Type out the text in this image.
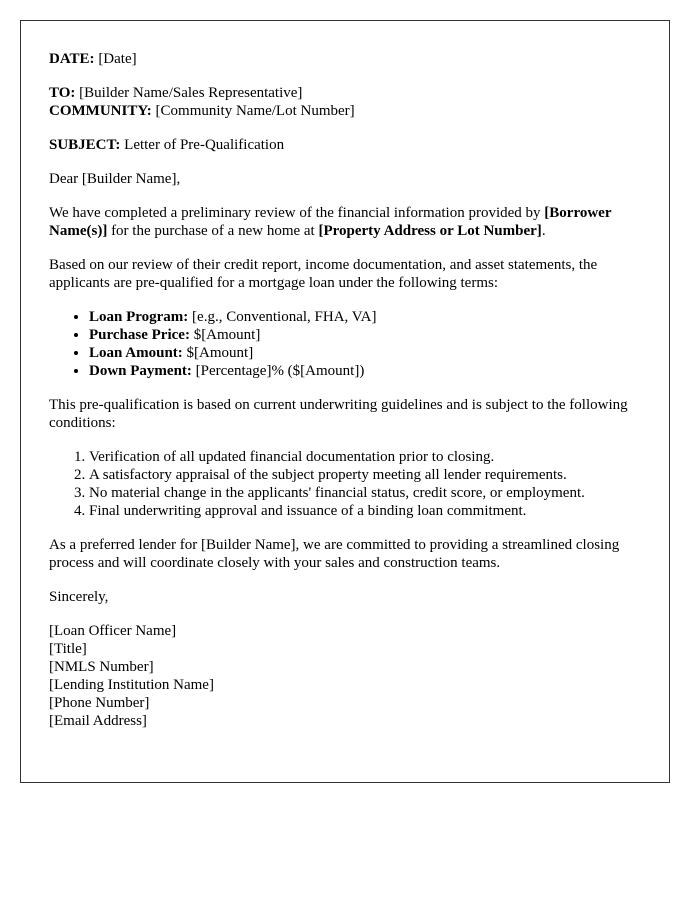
DATE: [Date]
TO: [Builder Name/Sales Representative]
COMMUNITY: [Community Name/Lot Number]
SUBJECT: Letter of Pre-Qualification
Dear [Builder Name],
We have completed a preliminary review of the financial information provided by [Borrower Name(s)] for the purchase of a new home at [Property Address or Lot Number].
Based on our review of their credit report, income documentation, and asset statements, the applicants are pre-qualified for a mortgage loan under the following terms:
• Loan Program: [e.g., Conventional, FHA, VA]
• Purchase Price: $[Amount]
• Loan Amount: $[Amount]
• Down Payment: [Percentage]% ($[Amount])
This pre-qualification is based on current underwriting guidelines and is subject to the following conditions:
1. Verification of all updated financial documentation prior to closing.
2. A satisfactory appraisal of the subject property meeting all lender requirements.
3. No material change in the applicants' financial status, credit score, or employment.
4. Final underwriting approval and issuance of a binding loan commitment.
As a preferred lender for [Builder Name], we are committed to providing a streamlined closing process and will coordinate closely with your sales and construction teams.
Sincerely,
[Loan Officer Name]
[Title]
[NMLS Number]
[Lending Institution Name]
[Phone Number]
[Email Address]
